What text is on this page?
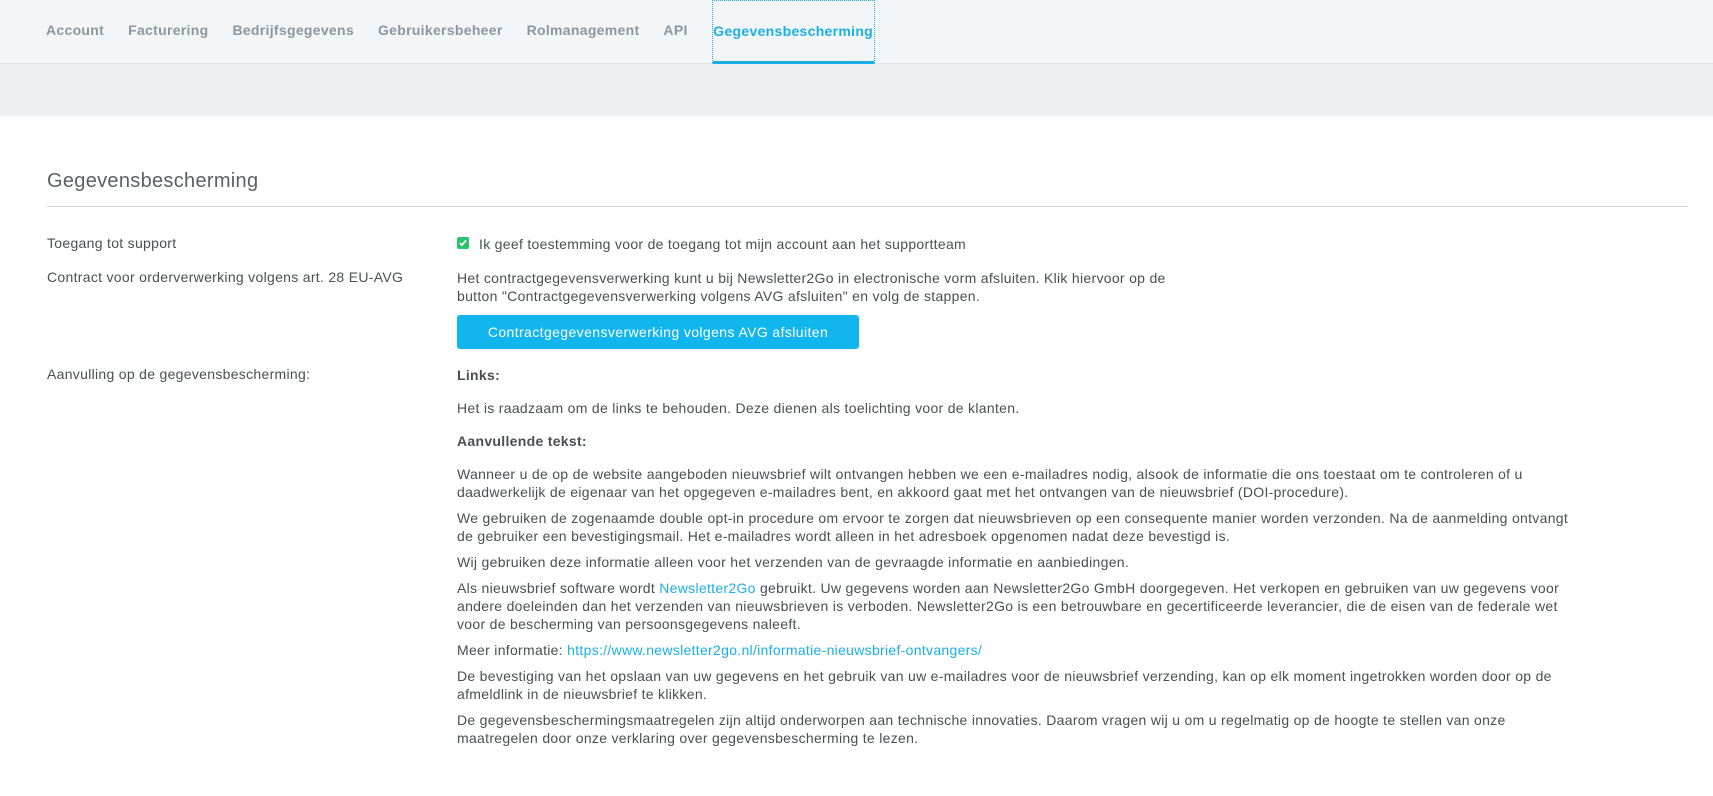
Account	Facturering	Bedrijfsgegevens	Gebruikersbeheer	Rolmanagement	API	Gegevensbescherming
Gegevensbescherming
Toegang tot support	Ik geef toestemming voor de toegang tot mijn account aan het supportteam
Contract voor orderverwerking volgens art. 28 EU-AVG	Het contractgegevensverwerking kunt u bij Newsletter2Go in electronische vorm afsluiten. Klik hiervoor op de
button "Contractgegevensverwerking volgens AVG afsluiten" en volg de stappen.
Contractgegevensverwerking volgens AVG afsluiten
Aanvulling op de gegevensbescherming:	Links:
Het is raadzaam om de links te behouden. Deze dienen als toelichting voor de klanten.
Aanvullende tekst:
Wanneer u de op de website aangeboden nieuwsbrief wilt ontvangen hebben we een e-mailadres nodig, alsook de informatie die ons toestaat om te controleren of u
daadwerkelijk de eigenaar van het opgegeven e-mailadres bent, en akkoord gaat met het ontvangen van de nieuwsbrief (DOI-procedure).
We gebruiken de zogenaamde double opt-in procedure om ervoor te zorgen dat nieuwsbrieven op een consequente manier worden verzonden. Na de aanmelding ontvangt
de gebruiker een bevestigingsmail. Het e-mailadres wordt alleen in het adresboek opgenomen nadat deze bevestigd is.
Wij gebruiken deze informatie alleen voor het verzenden van de gevraagde informatie en aanbiedingen.
Als nieuwsbrief software wordt Newsletter2Go gebruikt. Uw gegevens worden aan Newsletter2Go GmbH doorgegeven. Het verkopen en gebruiken van uw gegevens voor
andere doeleinden dan het verzenden van nieuwsbrieven is verboden. Newsletter2Go is een betrouwbare en gecertificeerde leverancier, die de eisen van de federale wet
voor de bescherming van persoonsgegevens naleeft.
Meer informatie: https://www.newsletter2go.nl/informatie-nieuwsbrief-ontvangers/
De bevestiging van het opslaan van uw gegevens en het gebruik van uw e-mailadres voor de nieuwsbrief verzending, kan op elk moment ingetrokken worden door op de
afmeldlink in de nieuwsbrief te klikken.
De gegevensbeschermingsmaatregelen zijn altijd onderworpen aan technische innovaties. Daarom vragen wij u om u regelmatig op de hoogte te stellen van onze
maatregelen door onze verklaring over gegevensbescherming te lezen.
